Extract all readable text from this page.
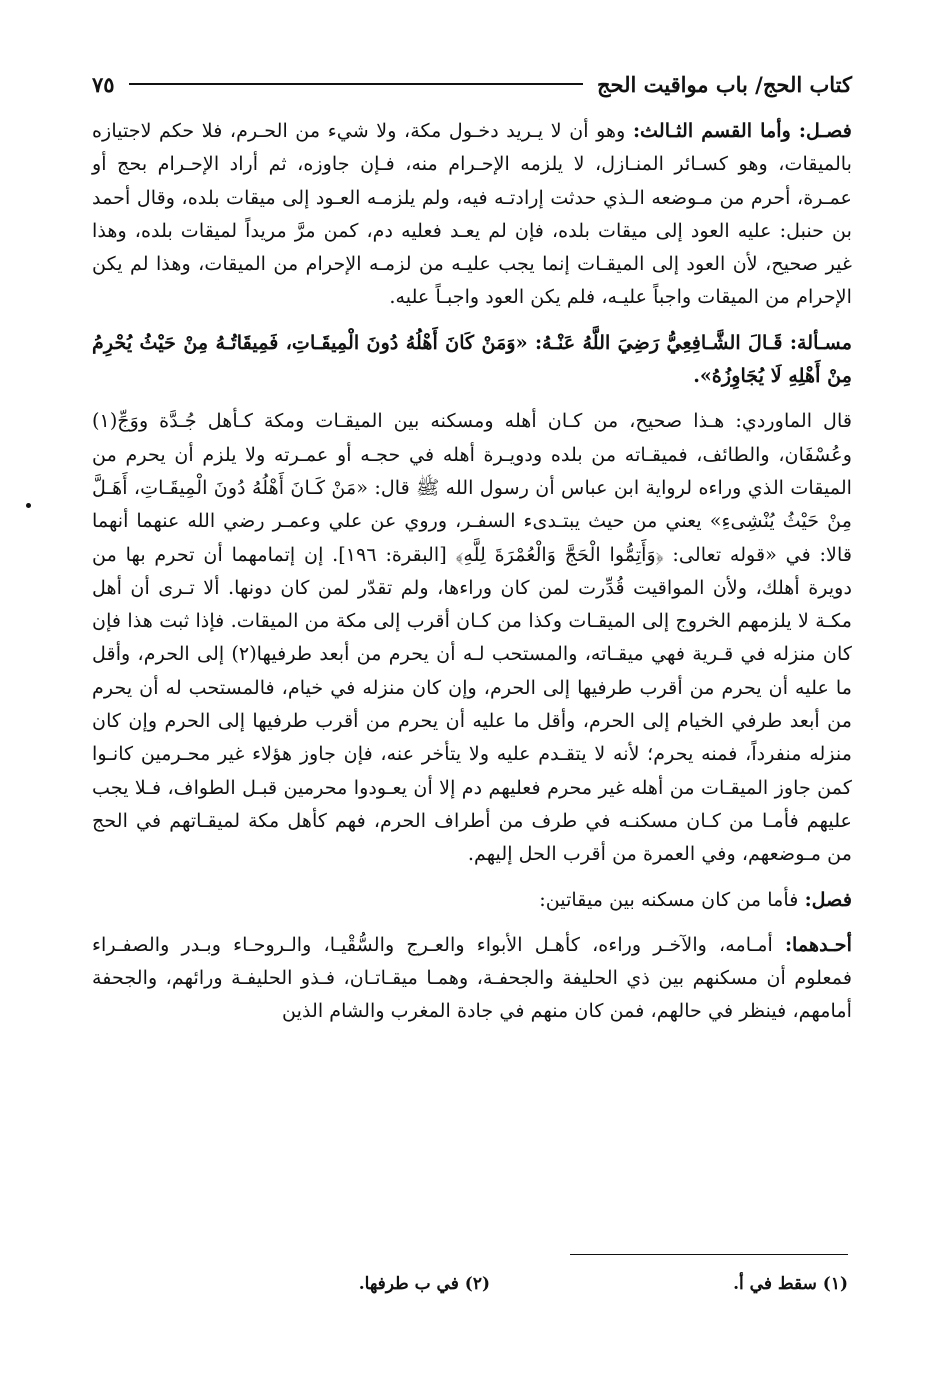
كتاب الحج/ باب مواقيت الحج
٧٥

فصـل: وأما القسم الثـالث: وهو أن لا يـريد دخـول مكة، ولا شيء من الحـرم، فلا حكم لاجتيازه بالميقات، وهو كسـائر المنـازل، لا يلزمه الإحـرام منه، فـإن جاوزه، ثم أراد الإحـرام بحج أو عمـرة، أحرم من مـوضعه الـذي حدثت إرادتـه فيه، ولم يلزمـه العـود إلى ميقات بلده، وقال أحمد بن حنبل: عليه العود إلى ميقات بلده، فإن لم يعـد فعليه دم، كمن مرَّ مريداً لميقات بلده، وهذا غير صحيح، لأن العود إلى الميقـات إنما يجب عليـه من لزمـه الإحرام من الميقات، وهذا لم يكن الإحرام من الميقات واجباً عليـه، فلم يكن العود واجبـاً عليه.

مسـألة: قَـالَ الشَّـافِعِيُّ رَضِيَ اللَّهُ عَنْـهُ: «وَمَنْ كَانَ أَهْلُهُ دُونَ الْمِيقَـاتِ، فَمِيقَاتُـهُ مِنْ حَيْثُ يُحْرِمُ مِنْ أَهْلِهِ لَا يُجَاوِزُهُ».

قال الماوردي: هـذا صحيح، من كـان أهله ومسكنه بين الميقـات ومكة كـأهل جُـدَّة ووَجِّ(١) وعُسْفَان، والطائف، فميقـاته من بلده ودويـرة أهله في حجـه أو عمـرته ولا يلزم أن يحرم من الميقات الذي وراءه لرواية ابن عباس أن رسول الله ﷺ قال: «مَنْ كَـانَ أَهْلُهُ دُونَ الْمِيقَـاتِ، أَهَـلَّ مِنْ حَيْثُ يُنْشِىءِ» يعني من حيث يبتـدىء السفـر، وروي عن علي وعمـر رضي الله عنهما أنهما قالا: في «قوله تعالى: ﴿وَأَتِمُّوا الْحَجَّ وَالْعُمْرَةَ لِلَّهِ﴾ [البقرة: ١٩٦]. إن إتمامهما أن تحرم بها من دويرة أهلك، ولأن المواقيت قُدِّرت لمن كان وراءها، ولم تقدّر لمن كان دونها. ألا تـرى أن أهل مكـة لا يلزمهم الخروج إلى الميقـات وكذا من كـان أقرب إلى مكة من الميقات. فإذا ثبت هذا فإن كان منزله في قـرية فهي ميقـاته، والمستحب لـه أن يحرم من أبعد طرفيها(٢) إلى الحرم، وأقل ما عليه أن يحرم من أقرب طرفيها إلى الحرم، وإن كان منزله في خيام، فالمستحب له أن يحرم من أبعد طرفي الخيام إلى الحرم، وأقل ما عليه أن يحرم من أقرب طرفيها إلى الحرم وإن كان منزله منفرداً، فمنه يحرم؛ لأنه لا يتقـدم عليه ولا يتأخر عنه، فإن جاوز هؤلاء غير محـرمين كانـوا كمن جاوز الميقـات من أهله غير محرم فعليهم دم إلا أن يعـودوا محرمين قبـل الطواف، فـلا يجب عليهم فأمـا من كـان مسكنـه في طرف من أطراف الحرم، فهم كأهل مكة لميقـاتهم في الحج من مـوضعهم، وفي العمرة من أقرب الحل إليهم.

فصل: فأما من كان مسكنه بين ميقاتين:

أحـدهما: أمـامه، والآخـر وراءه، كأهـل الأبواء والعـرج والسُّقْيـا، والـروحـاء وبـدر والصفـراء فمعلوم أن مسكنهم بين ذي الحليفة والجحفـة، وهمـا ميقـاتـان، فـذو الحليفـة ورائهم، والجحفة أمامهم، فينظر في حالهم، فمن كان منهم في جادة المغرب والشام الذين

(١) سقط في أ.
(٢) في ب طرفها.
